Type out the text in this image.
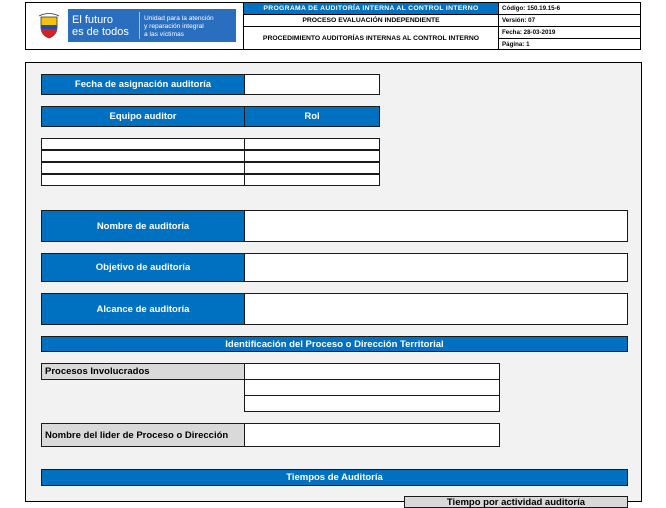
El futuro
es de todos
Unidad para la atención
y reparación integral
a las víctimas
PROGRAMA DE AUDITORÍA INTERNA AL CONTROL INTERNO
PROCESO EVALUACIÓN INDEPENDIENTE
PROCEDIMIENTO AUDITORÍAS INTERNAS AL CONTROL INTERNO
Código: 150.19.15-6
Versión: 07
Fecha: 28-03-2019
Página: 1
Fecha de asignación auditoría
Equipo auditor	Rol
Nombre de auditoría
Objetivo de auditoría
Alcance de auditoría
Identificación del Proceso o Dirección Territorial
Procesos Involucrados
Nombre del lider de Proceso o Dirección
Tiempos de Auditoría
Tiempo por actividad auditoría
